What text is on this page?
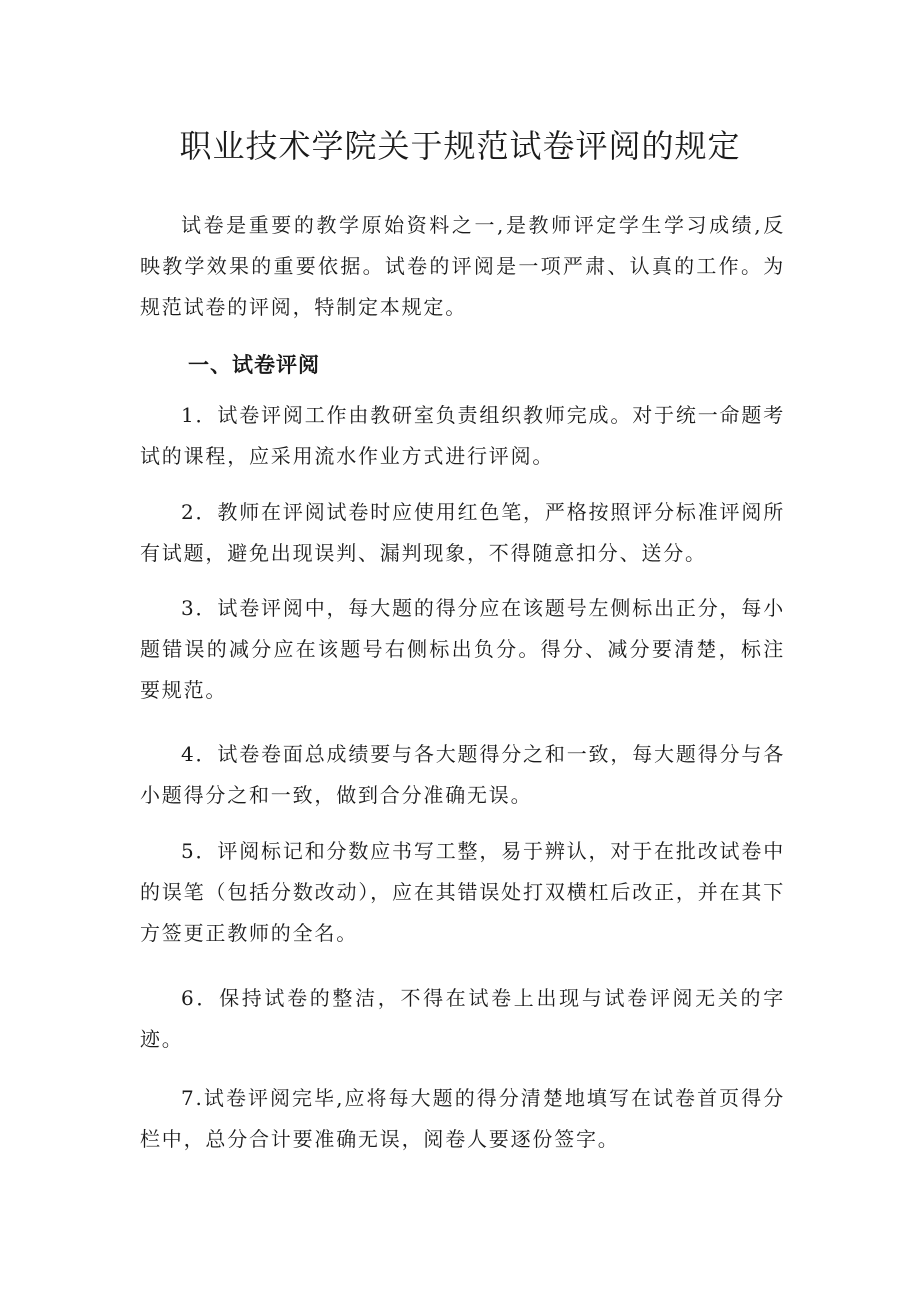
职业技术学院关于规范试卷评阅的规定

试卷是重要的教学原始资料之一,是教师评定学生学习成绩,反映教学效果的重要依据。试卷的评阅是一项严肃、认真的工作。为规范试卷的评阅，特制定本规定。

一、试卷评阅

1．试卷评阅工作由教研室负责组织教师完成。对于统一命题考试的课程，应采用流水作业方式进行评阅。

2．教师在评阅试卷时应使用红色笔，严格按照评分标准评阅所有试题，避免出现误判、漏判现象，不得随意扣分、送分。

3．试卷评阅中，每大题的得分应在该题号左侧标出正分，每小题错误的减分应在该题号右侧标出负分。得分、减分要清楚，标注要规范。

4．试卷卷面总成绩要与各大题得分之和一致，每大题得分与各小题得分之和一致，做到合分准确无误。

5．评阅标记和分数应书写工整，易于辨认，对于在批改试卷中的误笔（包括分数改动），应在其错误处打双横杠后改正，并在其下方签更正教师的全名。

6．保持试卷的整洁，不得在试卷上出现与试卷评阅无关的字迹。

7.试卷评阅完毕,应将每大题的得分清楚地填写在试卷首页得分栏中，总分合计要准确无误，阅卷人要逐份签字。
